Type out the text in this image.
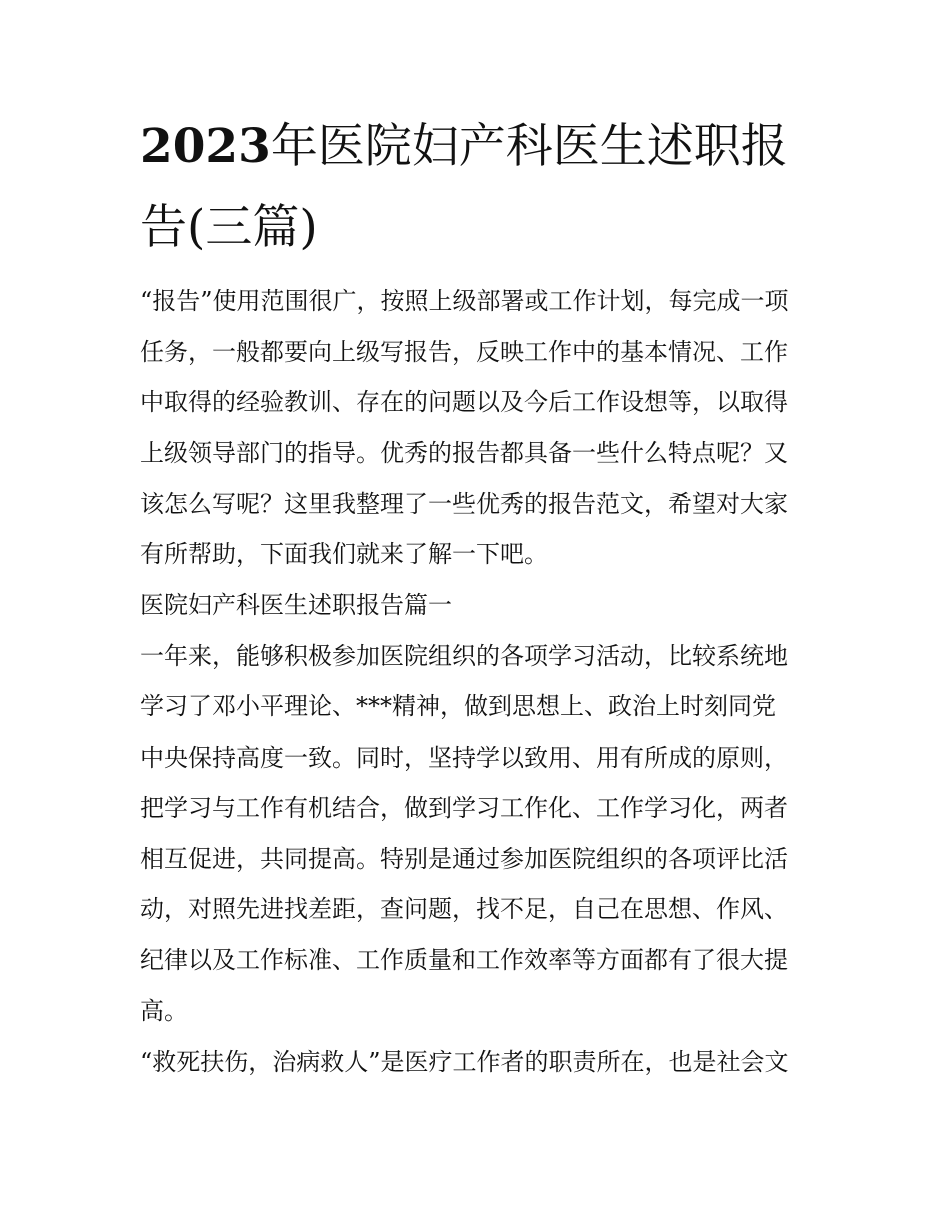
2023年医院妇产科医生述职报
告(三篇)
“报告”使用范围很广，按照上级部署或工作计划，每完成一项
任务，一般都要向上级写报告，反映工作中的基本情况、工作
中取得的经验教训、存在的问题以及今后工作设想等，以取得
上级领导部门的指导。优秀的报告都具备一些什么特点呢？又
该怎么写呢？这里我整理了一些优秀的报告范文，希望对大家
有所帮助，下面我们就来了解一下吧。
医院妇产科医生述职报告篇一
一年来，能够积极参加医院组织的各项学习活动，比较系统地
学习了邓小平理论、***精神，做到思想上、政治上时刻同党
中央保持高度一致。同时，坚持学以致用、用有所成的原则，
把学习与工作有机结合，做到学习工作化、工作学习化，两者
相互促进，共同提高。特别是通过参加医院组织的各项评比活
动，对照先进找差距，查问题，找不足，自己在思想、作风、
纪律以及工作标准、工作质量和工作效率等方面都有了很大提
高。
“救死扶伤，治病救人”是医疗工作者的职责所在，也是社会文
